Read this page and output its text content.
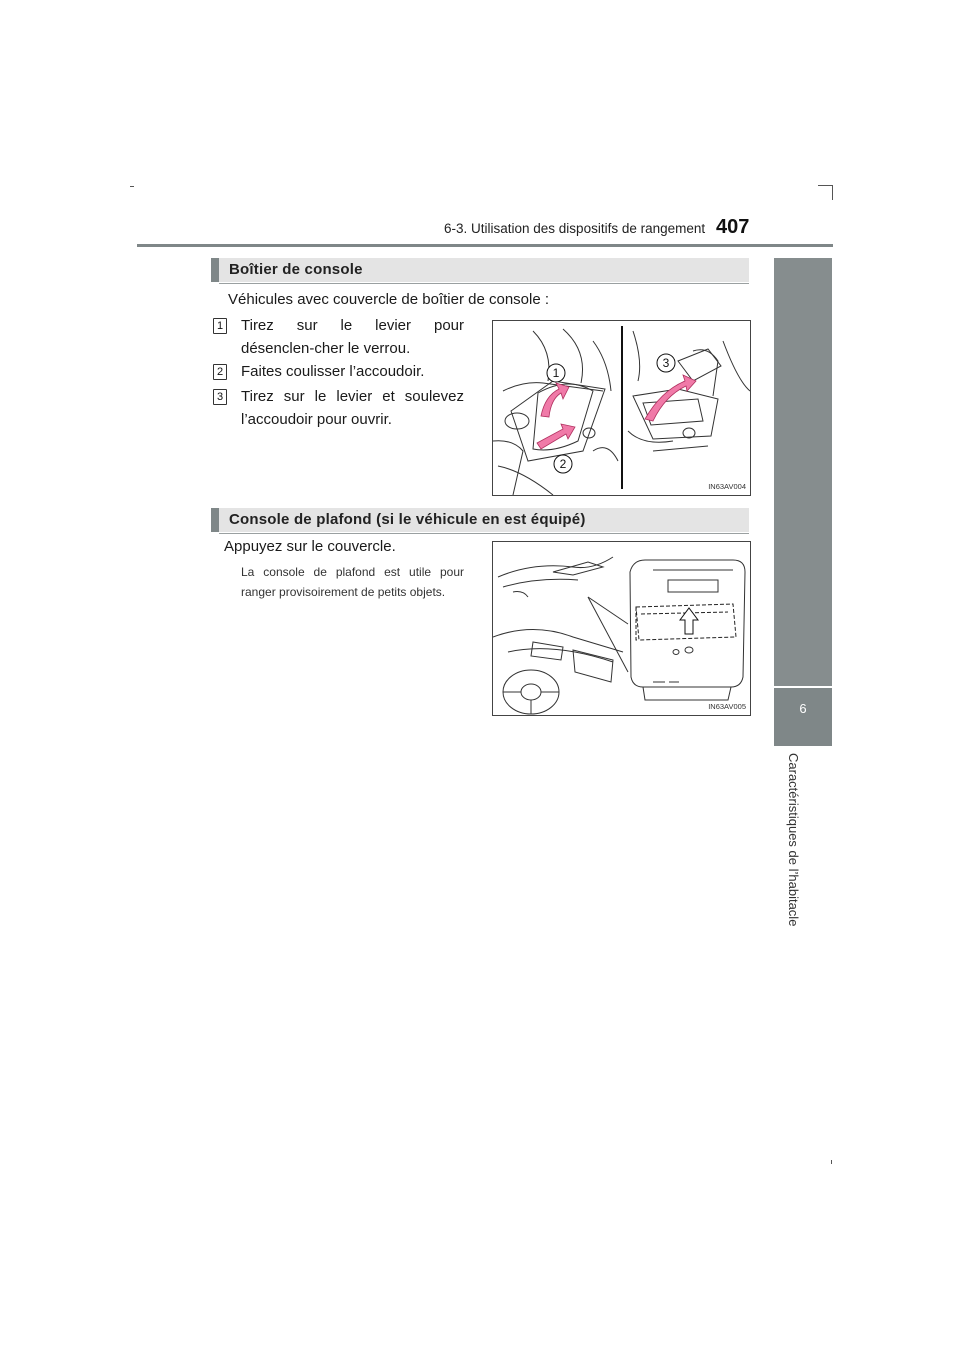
6-3. Utilisation des dispositifs de rangement 407
6
Caractéristiques de l’habitacle
Boîtier de console
Véhicules avec couvercle de boîtier de console :
1 Tirez sur le levier pour désenclen-cher le verrou.
2 Faites coulisser l’accoudoir.
3 Tirez sur le levier et soulevez l’accoudoir pour ouvrir.
1
2
3
IN63AV004
Console de plafond (si le véhicule en est équipé)
Appuyez sur le couvercle.
La console de plafond est utile pour ranger provisoirement de petits objets.
IN63AV005
